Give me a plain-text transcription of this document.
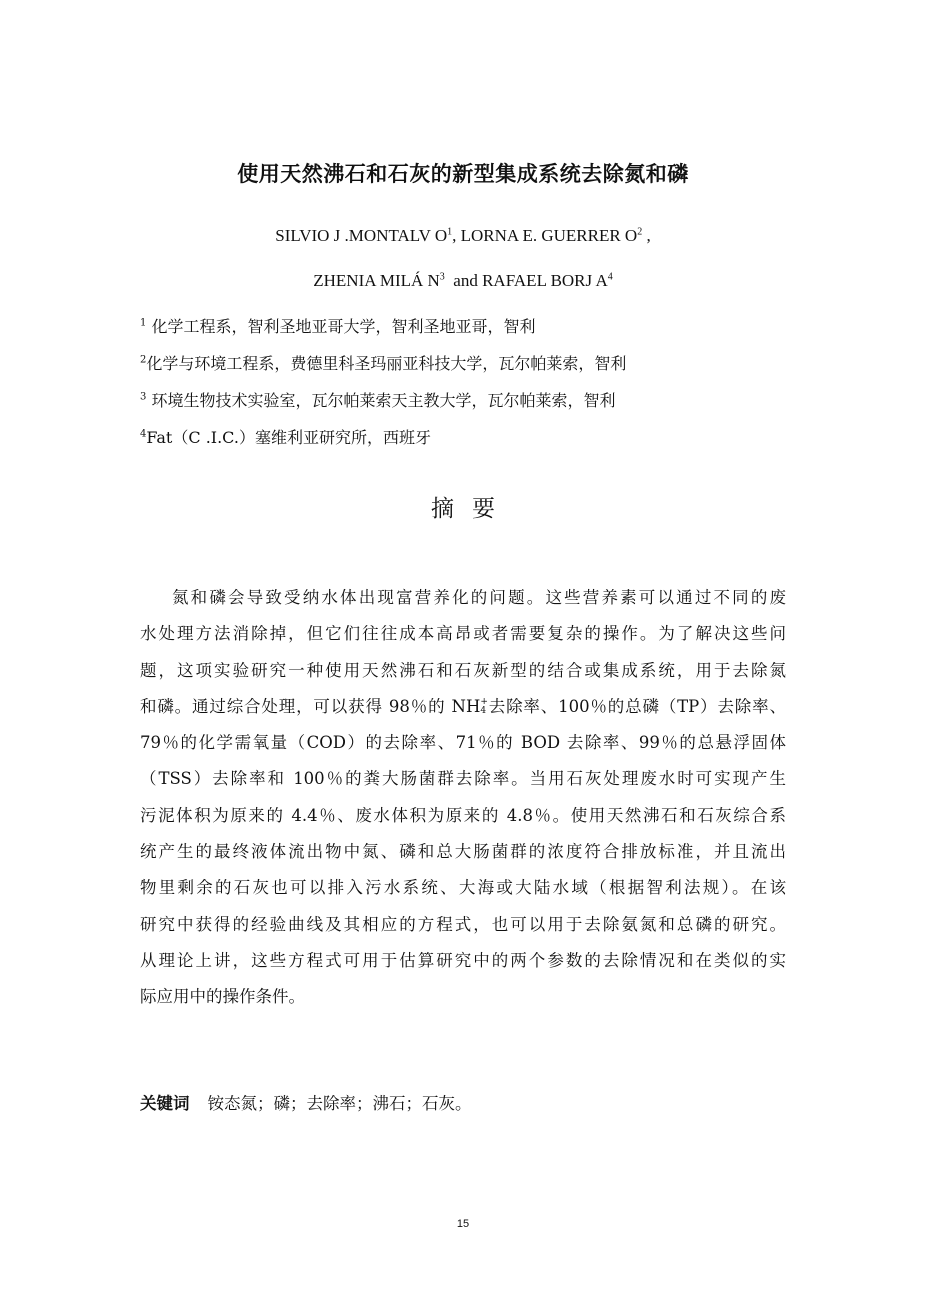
使用天然沸石和石灰的新型集成系统去除氮和磷
SILVIO J .MONTALV $O^1$, LORNA E. GUERRER $O^2$ ,
ZHENIA MILÁ $N^3$  and RAFAEL BORJ $A^4$
$^1$ 化学工程系，智利圣地亚哥大学，智利圣地亚哥，智利
$^2$化学与环境工程系，费德里科圣玛丽亚科技大学，瓦尔帕莱索，智利
$^3$ 环境生物技术实验室，瓦尔帕莱索天主教大学，瓦尔帕莱索，智利
$^4$Fat（C .I.C.）塞维利亚研究所，西班牙
摘要
氮和磷会导致受纳水体出现富营养化的问题。这些营养素可以通过不同的废
水处理方法消除掉，但它们往往成本高昂或者需要复杂的操作。为了解决这些问
题，这项实验研究一种使用天然沸石和石灰新型的结合或集成系统，用于去除氮
和磷。通过综合处理，可以获得 98％的 NH +
4 去除率、100％的总磷（TP）去除率、
79％的化学需氧量（COD）的去除率、71％的 BOD 去除率、99％的总悬浮固体
（TSS）去除率和 100％的粪大肠菌群去除率。当用石灰处理废水时可实现产生
污泥体积为原来的 4.4％、废水体积为原来的 4.8％。使用天然沸石和石灰综合系
统产生的最终液体流出物中氮、磷和总大肠菌群的浓度符合排放标准，并且流出
物里剩余的石灰也可以排入污水系统、大海或大陆水域（根据智利法规）。在该
研究中获得的经验曲线及其相应的方程式，也可以用于去除氨氮和总磷的研究。
从理论上讲，这些方程式可用于估算研究中的两个参数的去除情况和在类似的实
际应用中的操作条件。
关键词 铵态氮；磷；去除率；沸石；石灰。
15
